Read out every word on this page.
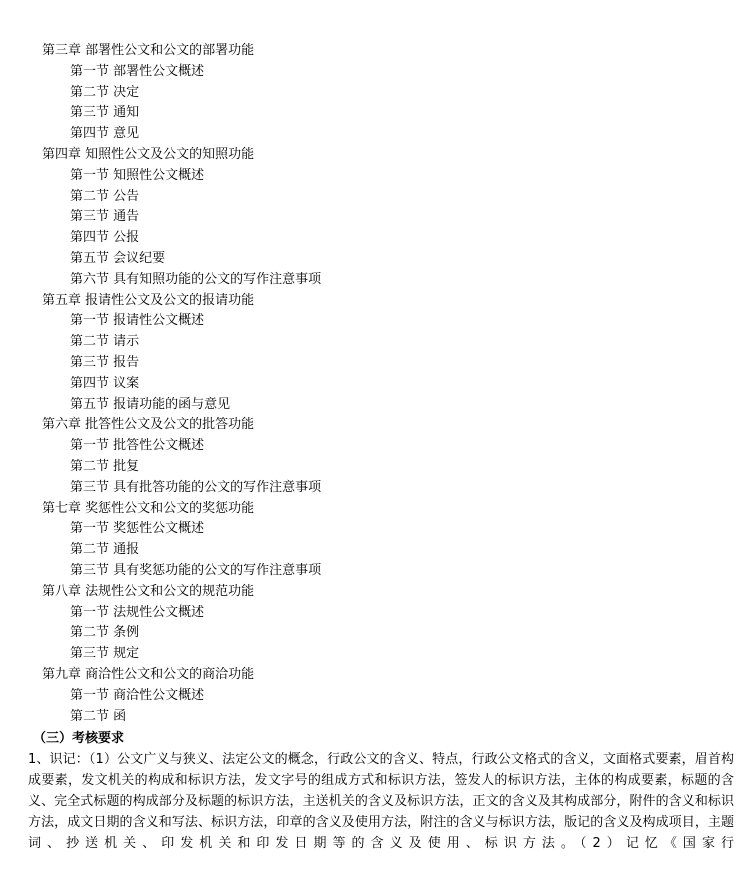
第三章 部署性公文和公文的部署功能
第一节 部署性公文概述
第二节 决定
第三节 通知
第四节 意见
第四章 知照性公文及公文的知照功能
第一节 知照性公文概述
第二节 公告
第三节 通告
第四节 公报
第五节 会议纪要
第六节 具有知照功能的公文的写作注意事项
第五章 报请性公文及公文的报请功能
第一节 报请性公文概述
第二节 请示
第三节 报告
第四节 议案
第五节 报请功能的函与意见
第六章 批答性公文及公文的批答功能
第一节 批答性公文概述
第二节 批复
第三节 具有批答功能的公文的写作注意事项
第七章 奖惩性公文和公文的奖惩功能
第一节 奖惩性公文概述
第二节 通报
第三节 具有奖惩功能的公文的写作注意事项
第八章 法规性公文和公文的规范功能
第一节 法规性公文概述
第二节 条例
第三节 规定
第九章 商洽性公文和公文的商洽功能
第一节 商洽性公文概述
第二节 函
（三）考核要求

1、识记：（1）公文广义与狭义、法定公文的概念，行政公文的含义、特点，行政公文格式的含义，文面格式要素，眉首构成要素，发文机关的构成和标识方法，发文字号的组成方式和标识方法，签发人的标识方法，主体的构成要素，标题的含义、完全式标题的构成部分及标题的标识方法，主送机关的含义及标识方法，正文的含义及其构成部分，附件的含义和标识方法，成文日期的含义和写法、标识方法，印章的含义及使用方法，附注的含义与标识方法，版记的含义及构成项目，主题词、抄送机关、印发机关和印发日期等的含义及使用、标识方法。（2）记忆《国家行
